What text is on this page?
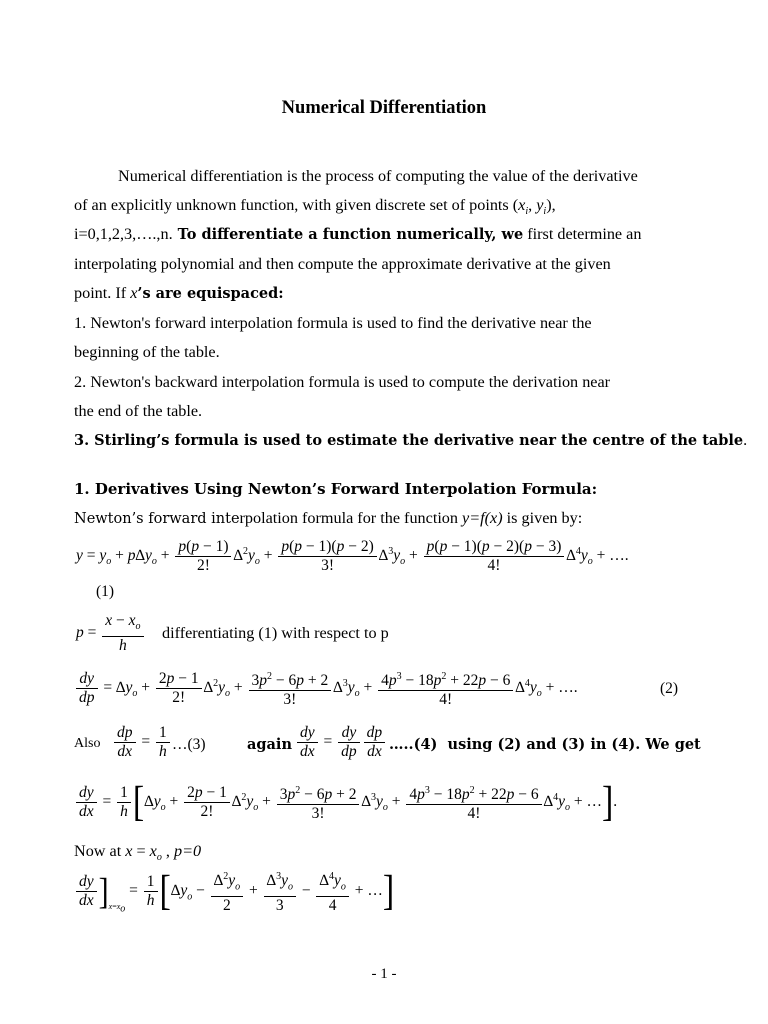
Numerical Differentiation
Numerical differentiation is the process of computing the value of the derivative
of an explicitly unknown function, with given discrete set of points ($x_i$, $y_i$),
i=0,1,2,3,….,n. To differentiate a function numerically, we first determine an
interpolating polynomial and then compute the approximate derivative at the given
point. If x’s are equispaced:
1. Newton's forward interpolation formula is used to find the derivative near the
beginning of the table.
2. Newton's backward interpolation formula is used to compute the derivation near
the end of the table.
3. Stirling’s formula is used to estimate the derivative near the centre of the table.
1. Derivatives Using Newton’s Forward Interpolation Formula:
Newton’s forward interpolation formula for the function y=f(x) is given by:
$y = y_o + p\Delta y_o + \frac{p(p - 1)}{2!} \Delta^2y_o + \frac{p(p - 1)(p - 2)}{3!} \Delta^3y_o + \frac{p(p - 1)(p - 2)(p - 3)}{4!} \Delta^4y_o$ + ….
(1)
$p = \frac{x - x_o}{h}$ differentiating (1) with respect to p
$\frac{dy}{dp} = \Delta y_o + \frac{2p - 1}{2!} \Delta^2y_o + \frac{3p^2 - 6p + 2}{3!} \Delta^3y_o + \frac{4p^3 - 18p^2 + 22p - 6}{4!} \Delta^4y_o$ + ….	(2)
Also $\frac{dp}{dx} = \frac{1}{h}$ …(3)	again $\frac{dy}{dx} = \frac{dy}{dp} \frac{dp}{dx}$ …..(4) using (2) and (3) in (4). We get
$\frac{dy}{dx} = \frac{1}{h} [\Delta y_o + \frac{2p - 1}{2!} \Delta^2y_o + \frac{3p^2 - 6p + 2}{3!} \Delta^3y_o + \frac{4p^3 - 18p^2 + 22p - 6}{4!} \Delta^4y_o$ + …].
Now at $x = x_o$ , p=0
$\frac{dy}{dx} ]_{x=x_o} = \frac{1}{h} [\Delta y_o - \frac{\Delta^2y_o}{2} + \frac{\Delta^3y_o}{3} - \frac{\Delta^4y_o}{4}$ + …]
- 1 -
